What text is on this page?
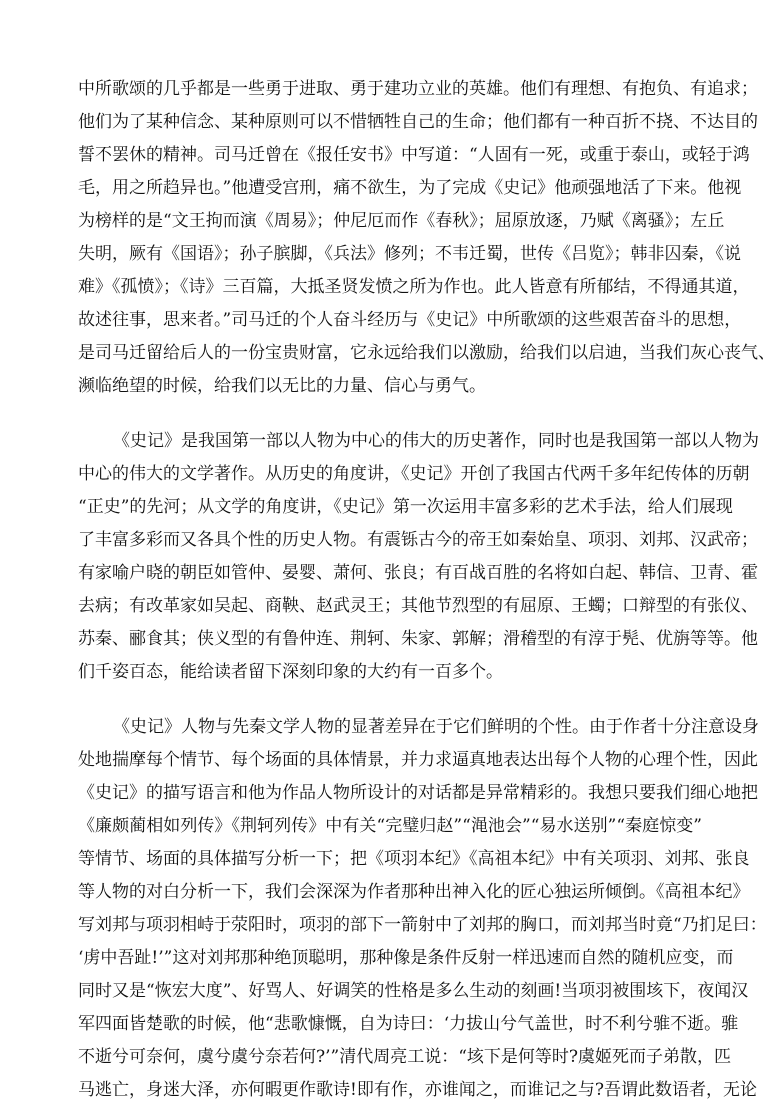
中所歌颂的几乎都是一些勇于进取、勇于建功立业的英雄。他们有理想、有抱负、有追求；
他们为了某种信念、某种原则可以不惜牺牲自己的生命；他们都有一种百折不挠、不达目的
誓不罢休的精神。司马迁曾在《报任安书》中写道：“人固有一死，或重于泰山，或轻于鸿
毛，用之所趋异也。”他遭受宫刑，痛不欲生，为了完成《史记》他顽强地活了下来。他视
为榜样的是“文王拘而演《周易》；仲尼厄而作《春秋》；屈原放逐，乃赋《离骚》；左丘
失明，厥有《国语》；孙子膑脚，《兵法》修列；不韦迁蜀，世传《吕览》；韩非囚秦，《说
难》《孤愤》；《诗》三百篇，大抵圣贤发愤之所为作也。此人皆意有所郁结，不得通其道，
故述往事，思来者。”司马迁的个人奋斗经历与《史记》中所歌颂的这些艰苦奋斗的思想，
是司马迁留给后人的一份宝贵财富，它永远给我们以激励，给我们以启迪，当我们灰心丧气、
濒临绝望的时候，给我们以无比的力量、信心与勇气。
《史记》是我国第一部以人物为中心的伟大的历史著作，同时也是我国第一部以人物为
中心的伟大的文学著作。从历史的角度讲，《史记》开创了我国古代两千多年纪传体的历朝
“正史”的先河；从文学的角度讲，《史记》第一次运用丰富多彩的艺术手法，给人们展现
了丰富多彩而又各具个性的历史人物。有震铄古今的帝王如秦始皇、项羽、刘邦、汉武帝；
有家喻户晓的朝臣如管仲、晏婴、萧何、张良；有百战百胜的名将如白起、韩信、卫青、霍
去病；有改革家如吴起、商鞅、赵武灵王；其他节烈型的有屈原、王蠋；口辩型的有张仪、
苏秦、郦食其；侠义型的有鲁仲连、荆轲、朱家、郭解；滑稽型的有淳于髡、优旃等等。他
们千姿百态，能给读者留下深刻印象的大约有一百多个。
《史记》人物与先秦文学人物的显著差异在于它们鲜明的个性。由于作者十分注意设身
处地揣摩每个情节、每个场面的具体情景，并力求逼真地表达出每个人物的心理个性，因此
《史记》的描写语言和他为作品人物所设计的对话都是异常精彩的。我想只要我们细心地把
《廉颇蔺相如列传》《荆轲列传》中有关“完璧归赵”“渑池会”“易水送别”“秦庭惊变”
等情节、场面的具体描写分析一下；把《项羽本纪》《高祖本纪》中有关项羽、刘邦、张良
等人物的对白分析一下，我们会深深为作者那种出神入化的匠心独运所倾倒。《高祖本纪》
写刘邦与项羽相峙于荥阳时，项羽的部下一箭射中了刘邦的胸口，而刘邦当时竟“乃扪足曰：
‘虏中吾趾!’”这对刘邦那种绝顶聪明，那种像是条件反射一样迅速而自然的随机应变，而
同时又是“恢宏大度”、好骂人、好调笑的性格是多么生动的刻画!当项羽被围垓下，夜闻汉
军四面皆楚歌的时候，他“悲歌慷慨，自为诗曰：‘力拔山兮气盖世，时不利兮骓不逝。骓
不逝兮可奈何，虞兮虞兮奈若何?’”清代周亮工说：“垓下是何等时?虞姬死而子弟散，匹
马逃亡，身迷大泽，亦何暇更作歌诗!即有作，亦谁闻之，而谁记之与?吾谓此数语者，无论
